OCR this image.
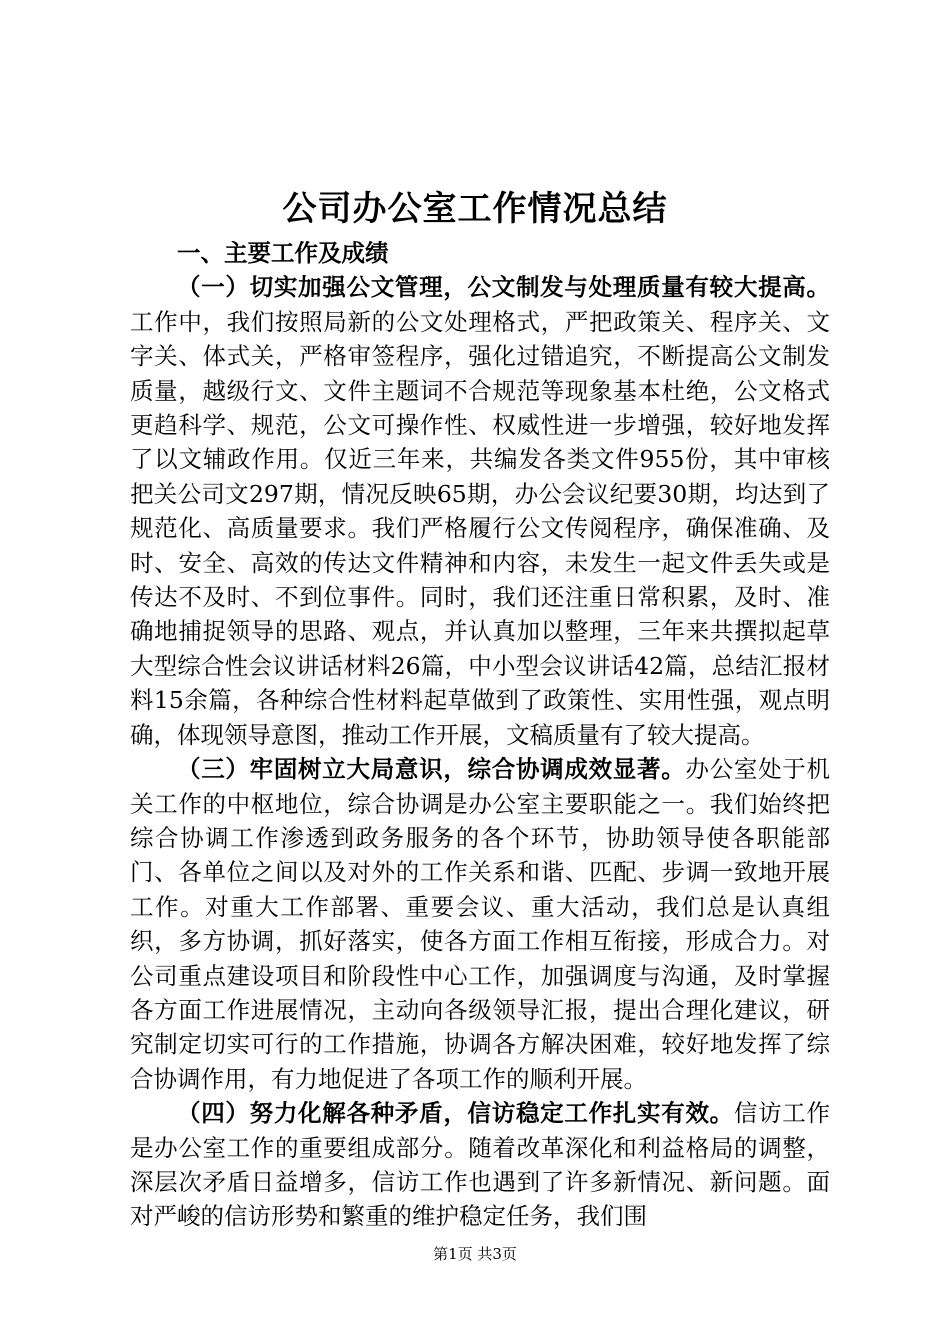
公司办公室工作情况总结

一、主要工作及成绩

（一）切实加强公文管理，公文制发与处理质量有较大提高。工作中，我们按照局新的公文处理格式，严把政策关、程序关、文字关、体式关，严格审签程序，强化过错追究，不断提高公文制发质量，越级行文、文件主题词不合规范等现象基本杜绝，公文格式更趋科学、规范，公文可操作性、权威性进一步增强，较好地发挥了以文辅政作用。仅近三年来，共编发各类文件955份，其中审核把关公司文297期，情况反映65期，办公会议纪要30期，均达到了规范化、高质量要求。我们严格履行公文传阅程序，确保准确、及时、安全、高效的传达文件精神和内容，未发生一起文件丢失或是传达不及时、不到位事件。同时，我们还注重日常积累，及时、准确地捕捉领导的思路、观点，并认真加以整理，三年来共撰拟起草大型综合性会议讲话材料26篇，中小型会议讲话42篇，总结汇报材料15余篇，各种综合性材料起草做到了政策性、实用性强，观点明确，体现领导意图，推动工作开展，文稿质量有了较大提高。

（三）牢固树立大局意识，综合协调成效显著。办公室处于机关工作的中枢地位，综合协调是办公室主要职能之一。我们始终把综合协调工作渗透到政务服务的各个环节，协助领导使各职能部门、各单位之间以及对外的工作关系和谐、匹配、步调一致地开展工作。对重大工作部署、重要会议、重大活动，我们总是认真组织，多方协调，抓好落实，使各方面工作相互衔接，形成合力。对公司重点建设项目和阶段性中心工作，加强调度与沟通，及时掌握各方面工作进展情况，主动向各级领导汇报，提出合理化建议，研究制定切实可行的工作措施，协调各方解决困难，较好地发挥了综合协调作用，有力地促进了各项工作的顺利开展。

（四）努力化解各种矛盾，信访稳定工作扎实有效。信访工作是办公室工作的重要组成部分。随着改革深化和利益格局的调整，深层次矛盾日益增多，信访工作也遇到了许多新情况、新问题。面对严峻的信访形势和繁重的维护稳定任务，我们围

第1页 共3页
